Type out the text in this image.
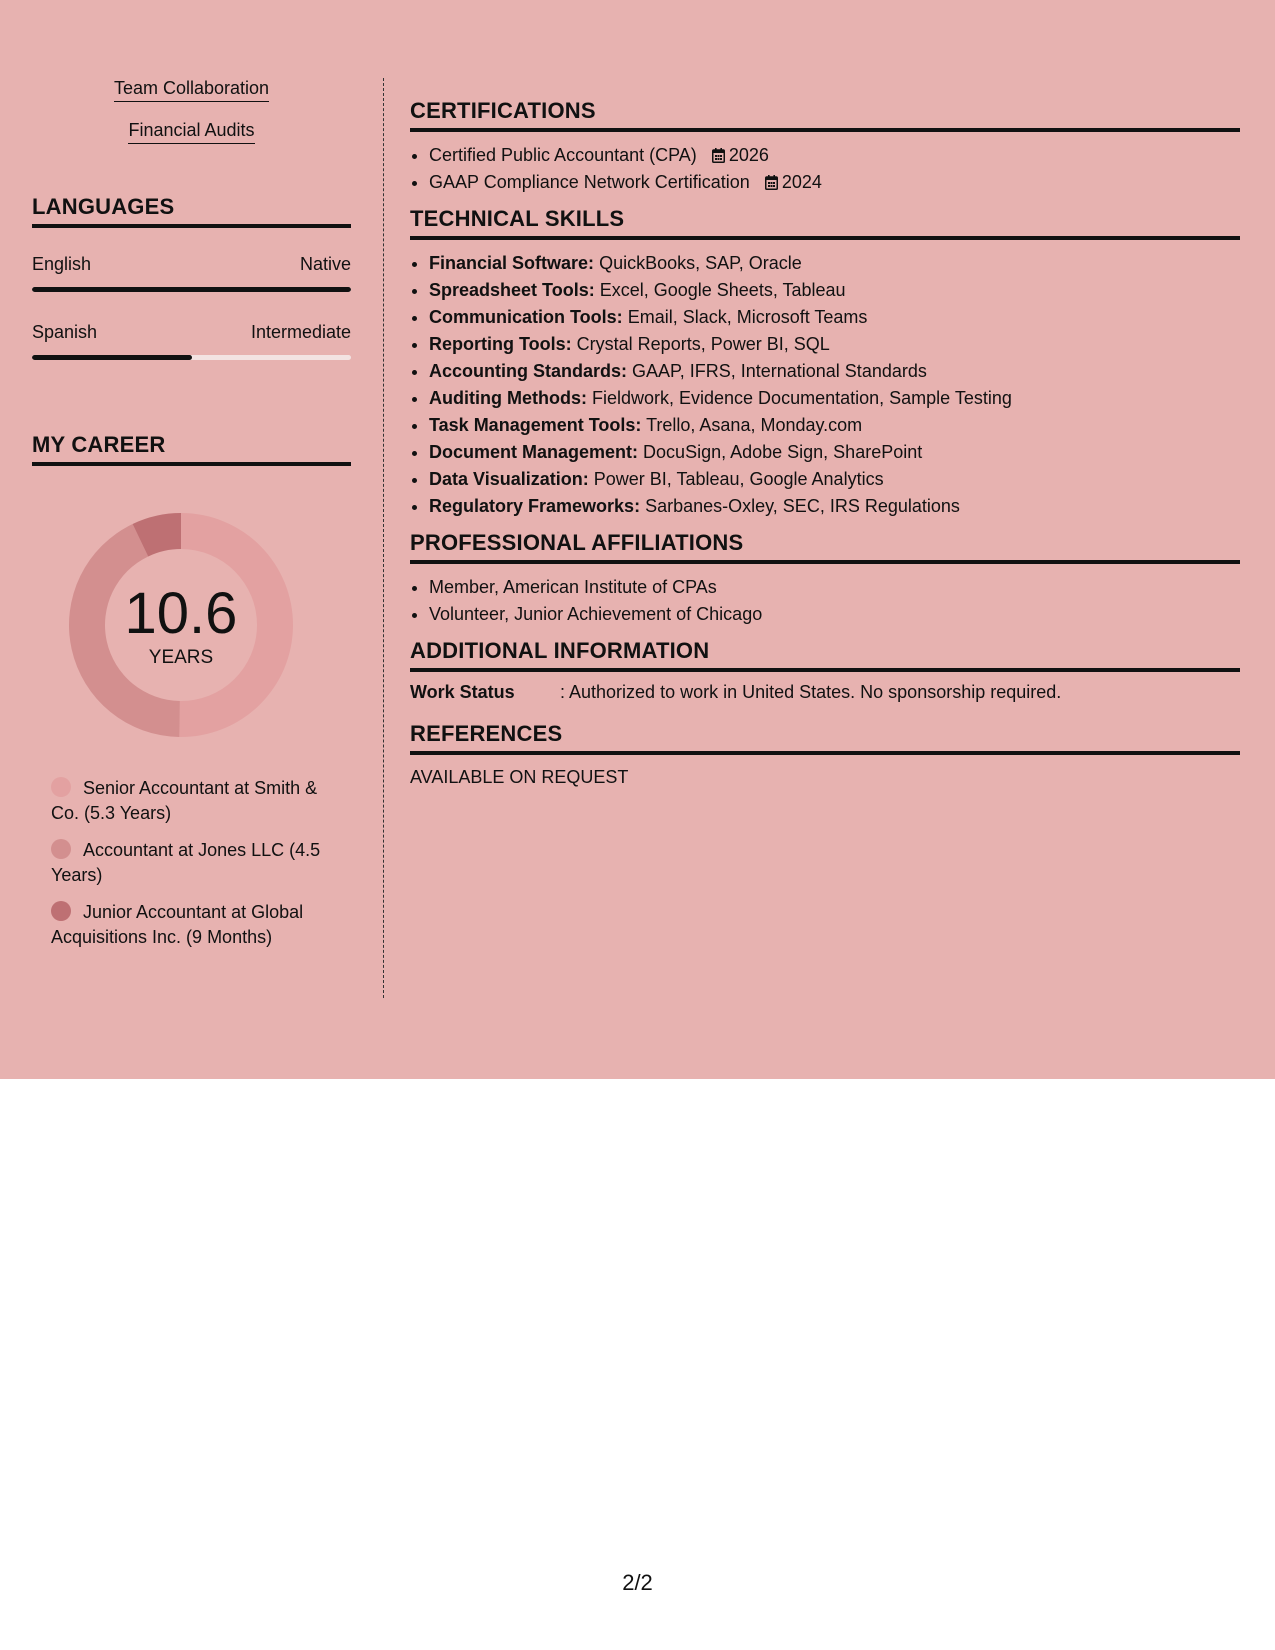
Team Collaboration
Financial Audits
LANGUAGES
English	Native
Spanish	Intermediate
MY CAREER
10.6
YEARS
Senior Accountant at Smith & Co. (5.3 Years)
Accountant at Jones LLC (4.5 Years)
Junior Accountant at Global Acquisitions Inc. (9 Months)
CERTIFICATIONS
• Certified Public Accountant (CPA) 2026
• GAAP Compliance Network Certification 2024
TECHNICAL SKILLS
• Financial Software: QuickBooks, SAP, Oracle
• Spreadsheet Tools: Excel, Google Sheets, Tableau
• Communication Tools: Email, Slack, Microsoft Teams
• Reporting Tools: Crystal Reports, Power BI, SQL
• Accounting Standards: GAAP, IFRS, International Standards
• Auditing Methods: Fieldwork, Evidence Documentation, Sample Testing
• Task Management Tools: Trello, Asana, Monday.com
• Document Management: DocuSign, Adobe Sign, SharePoint
• Data Visualization: Power BI, Tableau, Google Analytics
• Regulatory Frameworks: Sarbanes-Oxley, SEC, IRS Regulations
PROFESSIONAL AFFILIATIONS
• Member, American Institute of CPAs
• Volunteer, Junior Achievement of Chicago
ADDITIONAL INFORMATION
Work Status	: Authorized to work in United States. No sponsorship required.
REFERENCES
AVAILABLE ON REQUEST
2/2
